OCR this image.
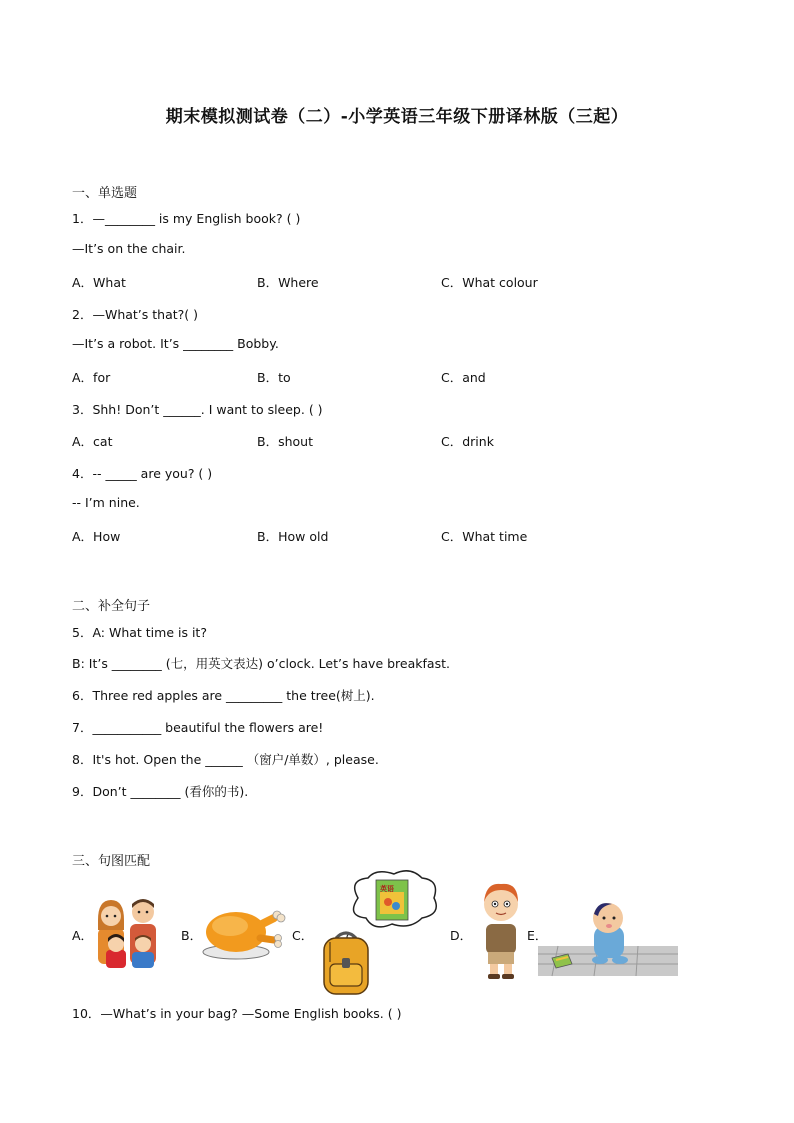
期末模拟测试卷（二）-小学英语三年级下册译林版（三起）
一、单选题
1．—________ is my English book? ( )
—It’s on the chair.
A．What	B．Where	C．What colour
2．—What’s that?( )
—It’s a robot. It’s ________ Bobby.
A．for	B．to	C．and
3．Shh! Don’t ______. I want to sleep. ( )
A．cat	B．shout	C．drink
4．-- _____ are you? ( )
-- I’m nine.
A．How	B．How old	C．What time
二、补全句子
5．A: What time is it?
B: It’s ________ (七，用英文表达) o’clock. Let’s have breakfast.
6．Three red apples are _________ the tree(树上).
7．___________ beautiful the flowers are!
8．It's hot. Open the ______ （窗户/单数）, please.
9．Don’t ________ (看你的书).
三、句图匹配
A．	B．	C．	D．	E．
英语
10．—What’s in your bag? —Some English books. ( )
